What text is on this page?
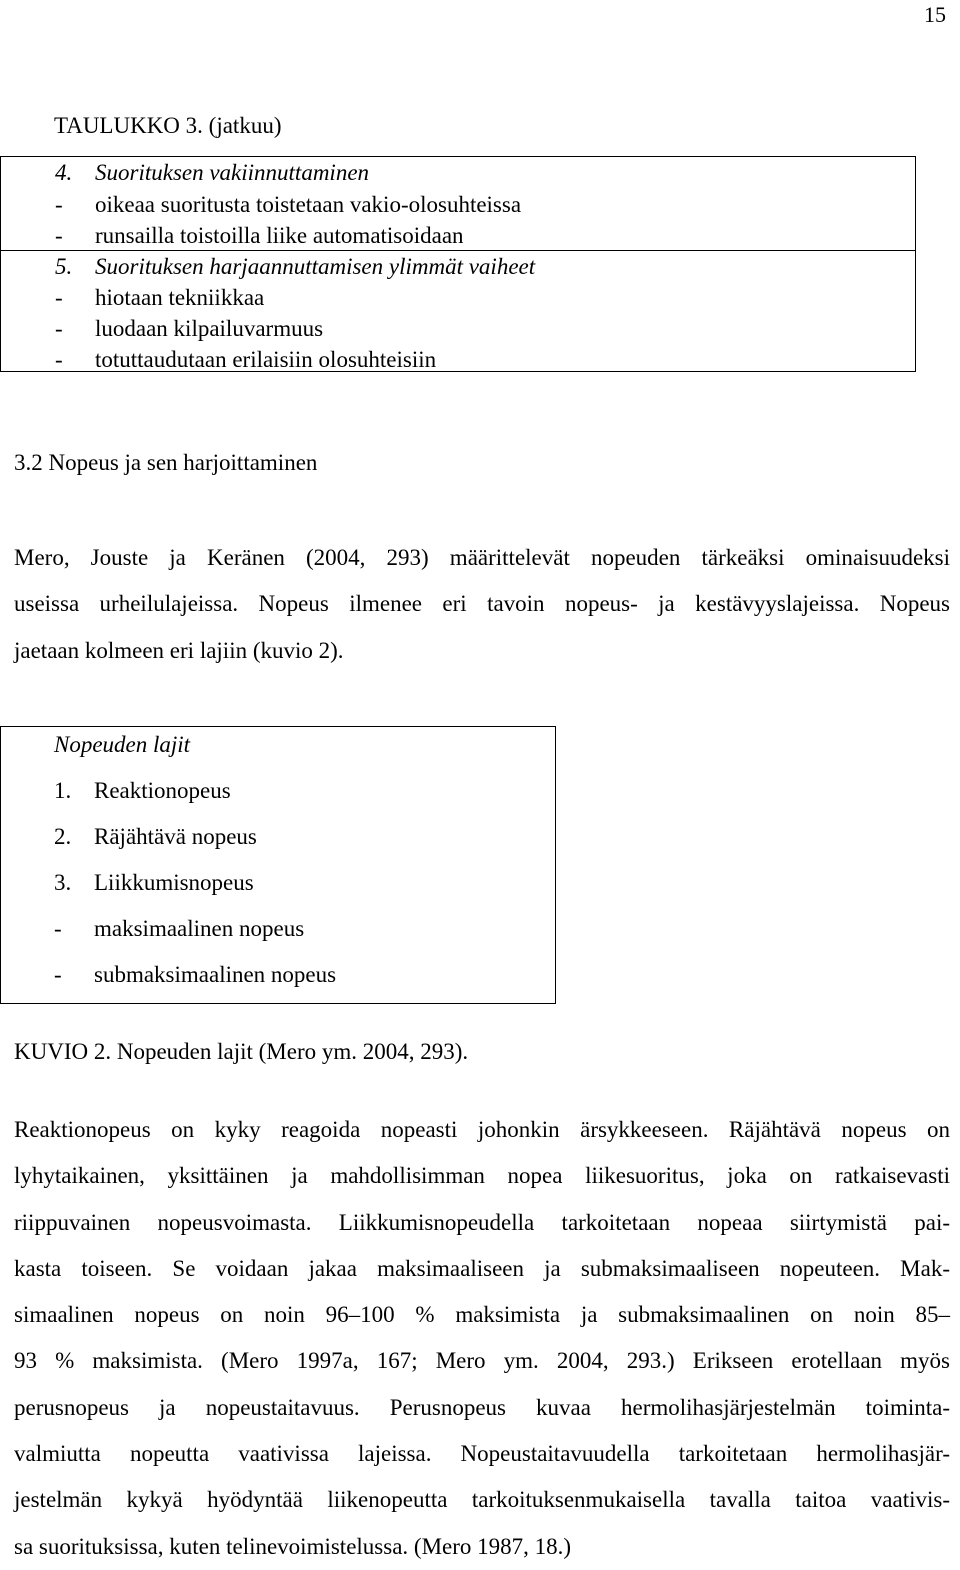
15
TAULUKKO 3. (jatkuu)
4. Suorituksen vakiinnuttaminen
- oikeaa suoritusta toistetaan vakio-olosuhteissa
- runsailla toistoilla liike automatisoidaan
5. Suorituksen harjaannuttamisen ylimmät vaiheet
- hiotaan tekniikkaa
- luodaan kilpailuvarmuus
- totuttaudutaan erilaisiin olosuhteisiin
3.2 Nopeus ja sen harjoittaminen
Mero, Jouste ja Keränen (2004, 293) määrittelevät nopeuden tärkeäksi ominaisuudeksi
useissa urheilulajeissa. Nopeus ilmenee eri tavoin nopeus- ja kestävyyslajeissa. Nopeus
jaetaan kolmeen eri lajiin (kuvio 2).
Nopeuden lajit
1. Reaktionopeus
2. Räjähtävä nopeus
3. Liikkumisnopeus
- maksimaalinen nopeus
- submaksimaalinen nopeus
KUVIO 2. Nopeuden lajit (Mero ym. 2004, 293).
Reaktionopeus on kyky reagoida nopeasti johonkin ärsykkeeseen. Räjähtävä nopeus on
lyhytaikainen, yksittäinen ja mahdollisimman nopea liikesuoritus, joka on ratkaisevasti
riippuvainen nopeusvoimasta. Liikkumisnopeudella tarkoitetaan nopeaa siirtymistä pai-
kasta toiseen. Se voidaan jakaa maksimaaliseen ja submaksimaaliseen nopeuteen. Mak-
simaalinen nopeus on noin 96–100 % maksimista ja submaksimaalinen on noin 85–
93 % maksimista. (Mero 1997a, 167; Mero ym. 2004, 293.) Erikseen erotellaan myös
perusnopeus ja nopeustaitavuus. Perusnopeus kuvaa hermolihasjärjestelmän toiminta-
valmiutta nopeutta vaativissa lajeissa. Nopeustaitavuudella tarkoitetaan hermolihasjär-
jestelmän kykyä hyödyntää liikenopeutta tarkoituksenmukaisella tavalla taitoa vaativis-
sa suorituksissa, kuten telinevoimistelussa. (Mero 1987, 18.)
